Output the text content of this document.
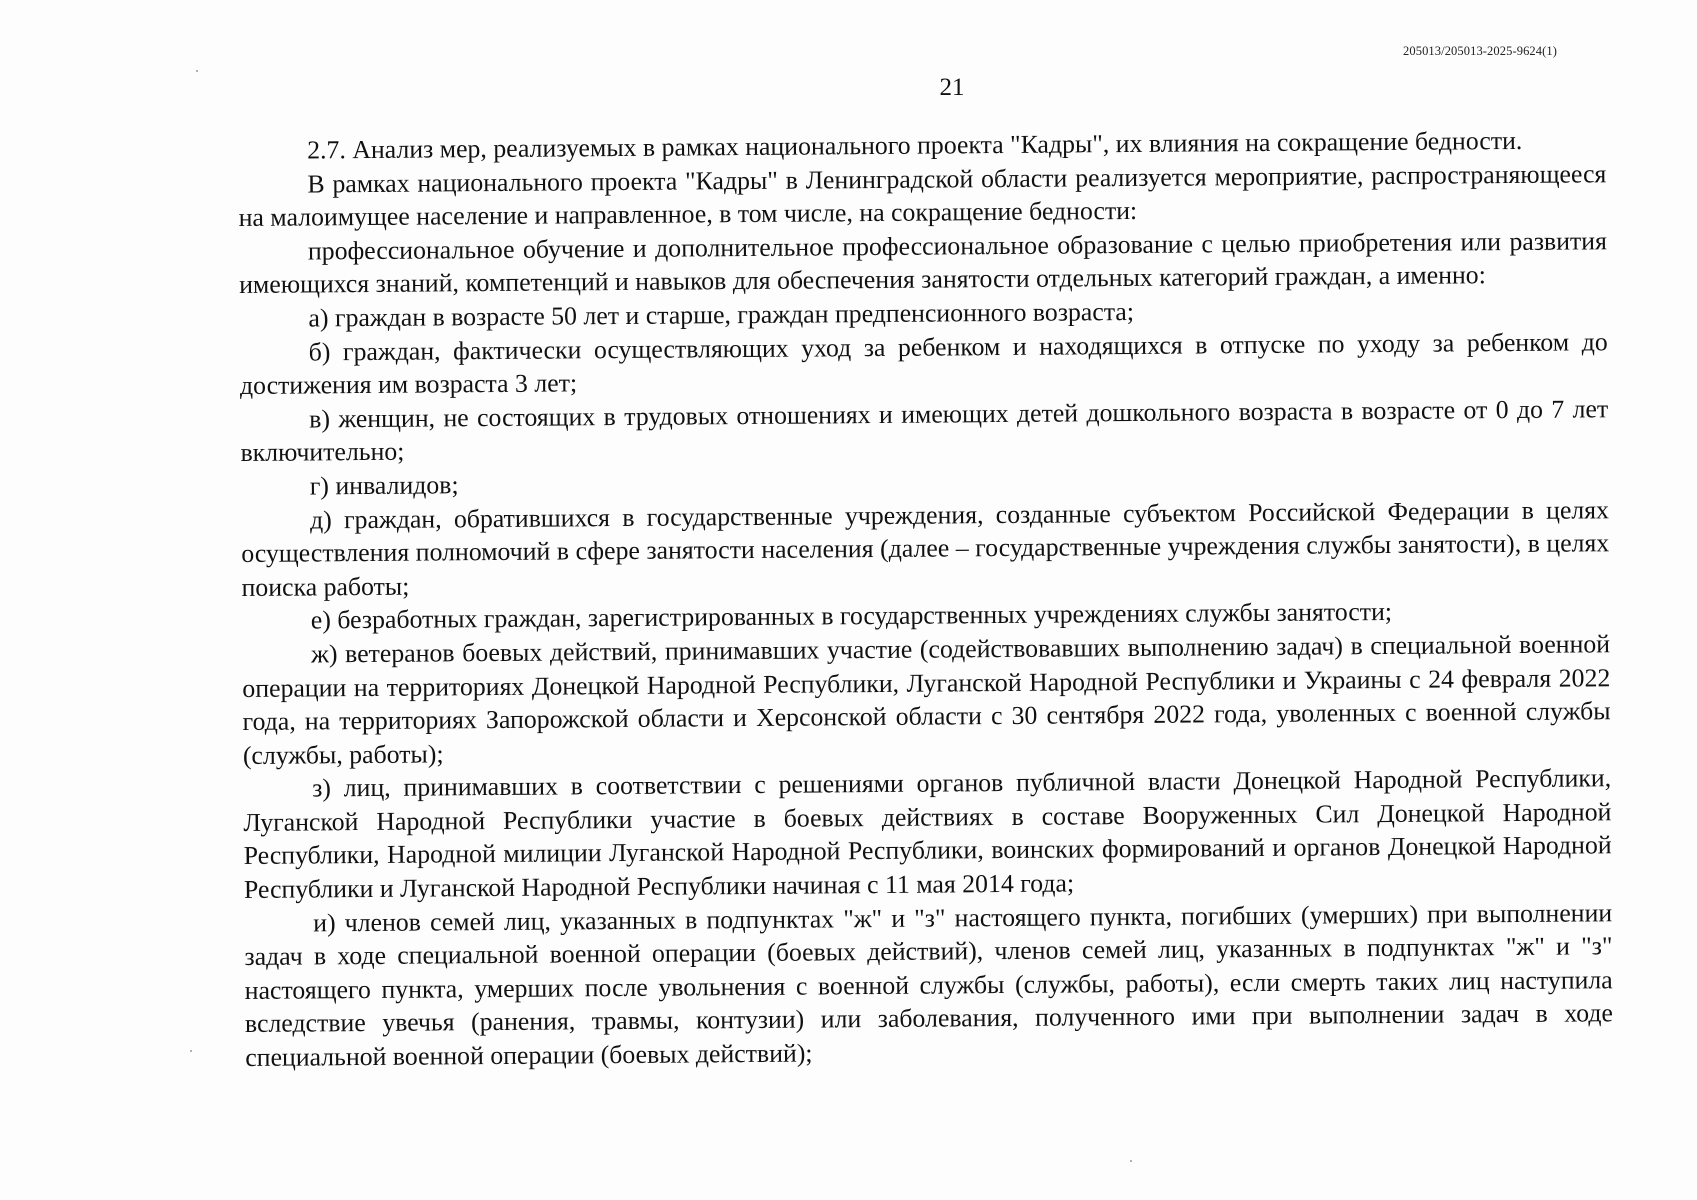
205013/205013-2025-9624(1)
21

2.7. Анализ мер, реализуемых в рамках национального проекта "Кадры", их влияния на сокращение бедности.

В рамках национального проекта "Кадры" в Ленинградской области реализуется мероприятие, распространяющееся на малоимущее население и направленное, в том числе, на сокращение бедности:

профессиональное обучение и дополнительное профессиональное образование с целью приобретения или развития имеющихся знаний, компетенций и навыков для обеспечения занятости отдельных категорий граждан, а именно:

а) граждан в возрасте 50 лет и старше, граждан предпенсионного возраста;

б) граждан, фактически осуществляющих уход за ребенком и находящихся в отпуске по уходу за ребенком до достижения им возраста 3 лет;

в) женщин, не состоящих в трудовых отношениях и имеющих детей дошкольного возраста в возрасте от 0 до 7 лет включительно;

г) инвалидов;

д) граждан, обратившихся в государственные учреждения, созданные субъектом Российской Федерации в целях осуществления полномочий в сфере занятости населения (далее – государственные учреждения службы занятости), в целях поиска работы;

е) безработных граждан, зарегистрированных в государственных учреждениях службы занятости;

ж) ветеранов боевых действий, принимавших участие (содействовавших выполнению задач) в специальной военной операции на территориях Донецкой Народной Республики, Луганской Народной Республики и Украины с 24 февраля 2022 года, на территориях Запорожской области и Херсонской области с 30 сентября 2022 года, уволенных с военной службы (службы, работы);

з) лиц, принимавших в соответствии с решениями органов публичной власти Донецкой Народной Республики, Луганской Народной Республики участие в боевых действиях в составе Вооруженных Сил Донецкой Народной Республики, Народной милиции Луганской Народной Республики, воинских формирований и органов Донецкой Народной Республики и Луганской Народной Республики начиная с 11 мая 2014 года;

и) членов семей лиц, указанных в подпунктах "ж" и "з" настоящего пункта, погибших (умерших) при выполнении задач в ходе специальной военной операции (боевых действий), членов семей лиц, указанных в подпунктах "ж" и "з" настоящего пункта, умерших после увольнения с военной службы (службы, работы), если смерть таких лиц наступила вследствие увечья (ранения, травмы, контузии) или заболевания, полученного ими при выполнении задач в ходе специальной военной операции (боевых действий);
